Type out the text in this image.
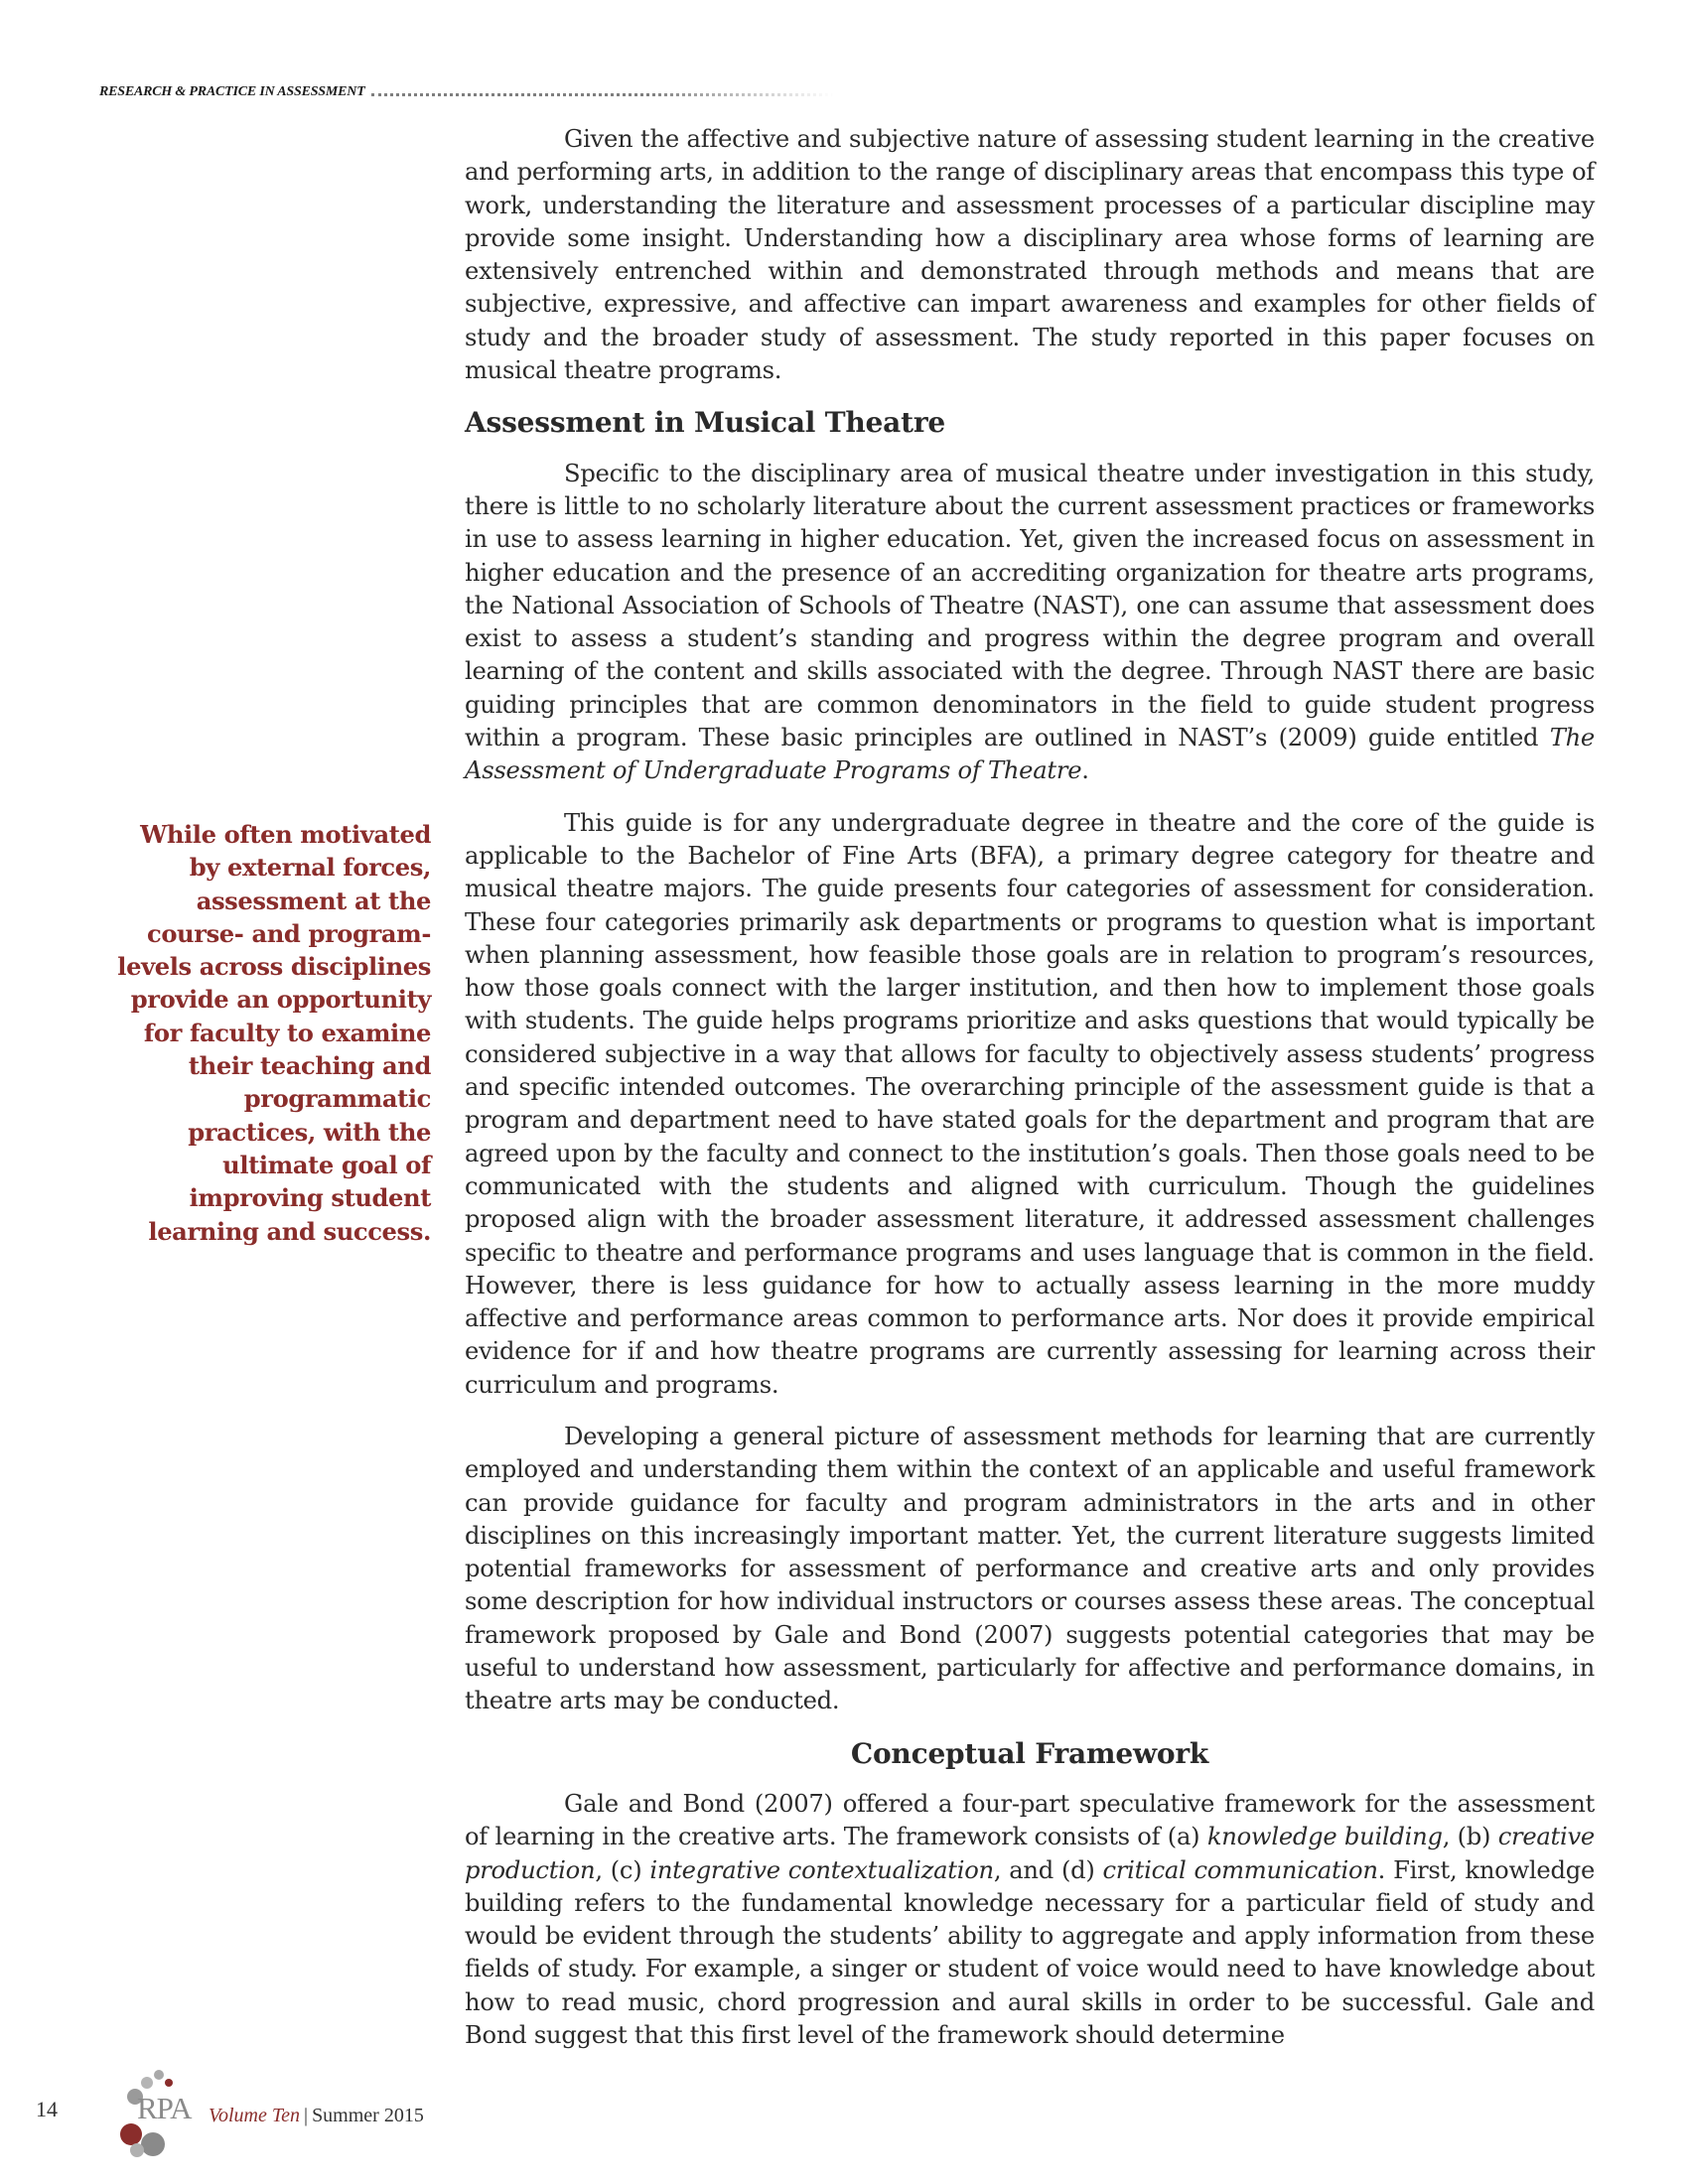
RESEARCH & PRACTICE IN ASSESSMENT
While often motivated by external forces, assessment at the course- and program-levels across disciplines provide an opportunity for faculty to examine their teaching and programmatic practices, with the ultimate goal of improving student learning and success.

Given the affective and subjective nature of assessing student learning in the creative and performing arts, in addition to the range of disciplinary areas that encompass this type of work, understanding the literature and assessment processes of a particular discipline may provide some insight. Understanding how a disciplinary area whose forms of learning are extensively entrenched within and demonstrated through methods and means that are subjective, expressive, and affective can impart awareness and examples for other fields of study and the broader study of assessment. The study reported in this paper focuses on musical theatre programs.

Assessment in Musical Theatre

Specific to the disciplinary area of musical theatre under investigation in this study, there is little to no scholarly literature about the current assessment practices or frameworks in use to assess learning in higher education. Yet, given the increased focus on assessment in higher education and the presence of an accrediting organization for theatre arts programs, the National Association of Schools of Theatre (NAST), one can assume that assessment does exist to assess a student’s standing and progress within the degree program and overall learning of the content and skills associated with the degree. Through NAST there are basic guiding principles that are common denominators in the field to guide student progress within a program. These basic principles are outlined in NAST’s (2009) guide entitled The Assessment of Undergraduate Programs of Theatre.

This guide is for any undergraduate degree in theatre and the core of the guide is applicable to the Bachelor of Fine Arts (BFA), a primary degree category for theatre and musical theatre majors. The guide presents four categories of assessment for consideration. These four categories primarily ask departments or programs to question what is important when planning assessment, how feasible those goals are in relation to program’s resources, how those goals connect with the larger institution, and then how to implement those goals with students. The guide helps programs prioritize and asks questions that would typically be considered subjective in a way that allows for faculty to objectively assess students’ progress and specific intended outcomes. The overarching principle of the assessment guide is that a program and department need to have stated goals for the department and program that are agreed upon by the faculty and connect to the institution’s goals. Then those goals need to be communicated with the students and aligned with curriculum. Though the guidelines proposed align with the broader assessment literature, it addressed assessment challenges specific to theatre and performance programs and uses language that is common in the field. However, there is less guidance for how to actually assess learning in the more muddy affective and performance areas common to performance arts. Nor does it provide empirical evidence for if and how theatre programs are currently assessing for learning across their curriculum and programs.

Developing a general picture of assessment methods for learning that are currently employed and understanding them within the context of an applicable and useful framework can provide guidance for faculty and program administrators in the arts and in other disciplines on this increasingly important matter. Yet, the current literature suggests limited potential frameworks for assessment of performance and creative arts and only provides some description for how individual instructors or courses assess these areas. The conceptual framework proposed by Gale and Bond (2007) suggests potential categories that may be useful to understand how assessment, particularly for affective and performance domains, in theatre arts may be conducted.

Conceptual Framework

Gale and Bond (2007) offered a four-part speculative framework for the assessment of learning in the creative arts. The framework consists of (a) knowledge building, (b) creative production, (c) integrative contextualization, and (d) critical communication. First, knowledge building refers to the fundamental knowledge necessary for a particular field of study and would be evident through the students’ ability to aggregate and apply information from these fields of study. For example, a singer or student of voice would need to have knowledge about how to read music, chord progression and aural skills in order to be successful. Gale and Bond suggest that this first level of the framework should determine

14	RPA Volume Ten | Summer 2015
